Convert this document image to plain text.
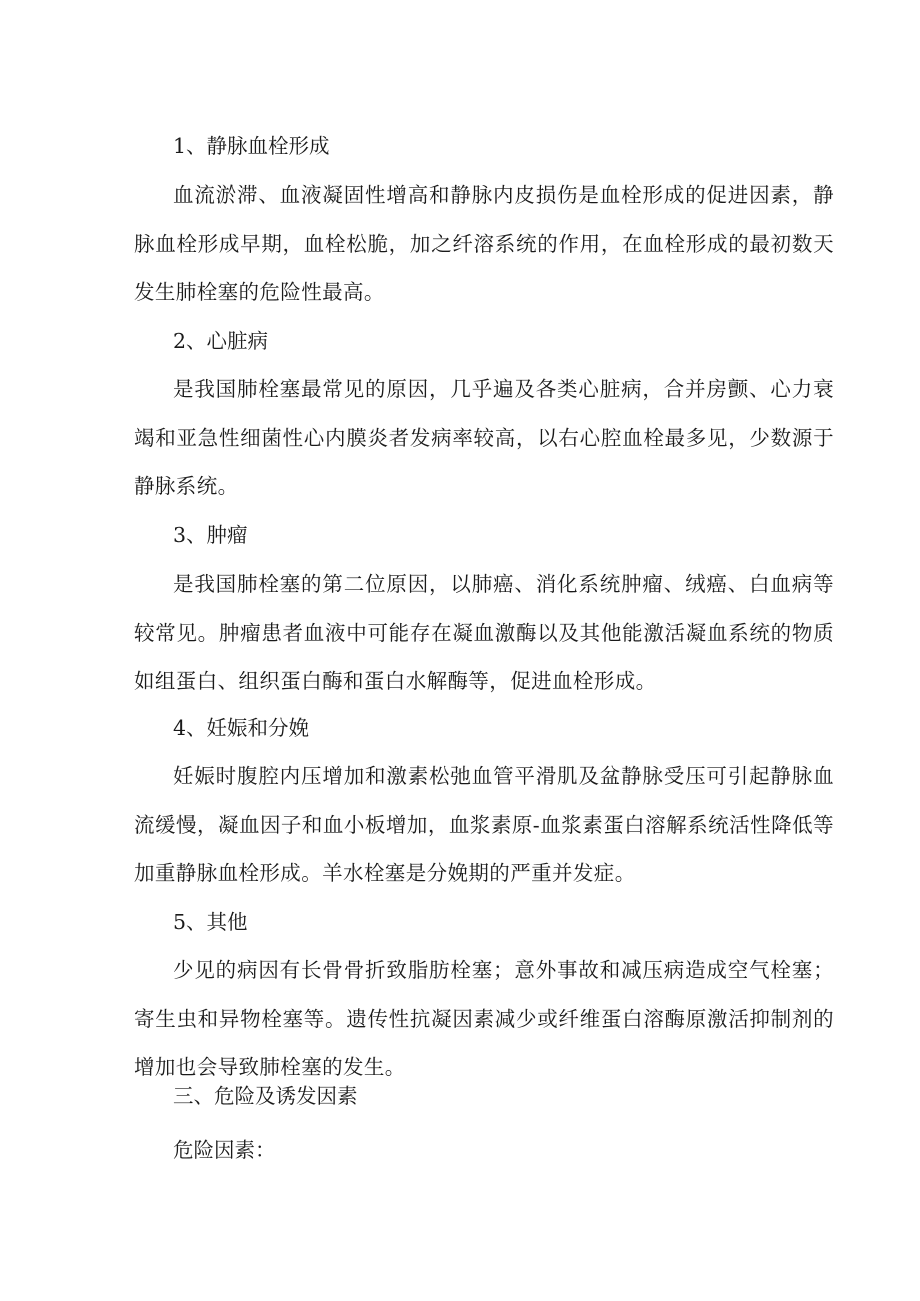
1、静脉血栓形成

血流淤滞、血液凝固性增高和静脉内皮损伤是血栓形成的促进因素，静脉血栓形成早期，血栓松脆，加之纤溶系统的作用，在血栓形成的最初数天发生肺栓塞的危险性最高。

2、心脏病

是我国肺栓塞最常见的原因，几乎遍及各类心脏病，合并房颤、心力衰竭和亚急性细菌性心内膜炎者发病率较高，以右心腔血栓最多见，少数源于静脉系统。

3、肿瘤

是我国肺栓塞的第二位原因，以肺癌、消化系统肿瘤、绒癌、白血病等较常见。肿瘤患者血液中可能存在凝血激酶以及其他能激活凝血系统的物质如组蛋白、组织蛋白酶和蛋白水解酶等，促进血栓形成。

4、妊娠和分娩

妊娠时腹腔内压增加和激素松弛血管平滑肌及盆静脉受压可引起静脉血流缓慢，凝血因子和血小板增加，血浆素原-血浆素蛋白溶解系统活性降低等加重静脉血栓形成。羊水栓塞是分娩期的严重并发症。

5、其他

少见的病因有长骨骨折致脂肪栓塞；意外事故和减压病造成空气栓塞；寄生虫和异物栓塞等。遗传性抗凝因素减少或纤维蛋白溶酶原激活抑制剂的增加也会导致肺栓塞的发生。

三、危险及诱发因素

危险因素：
